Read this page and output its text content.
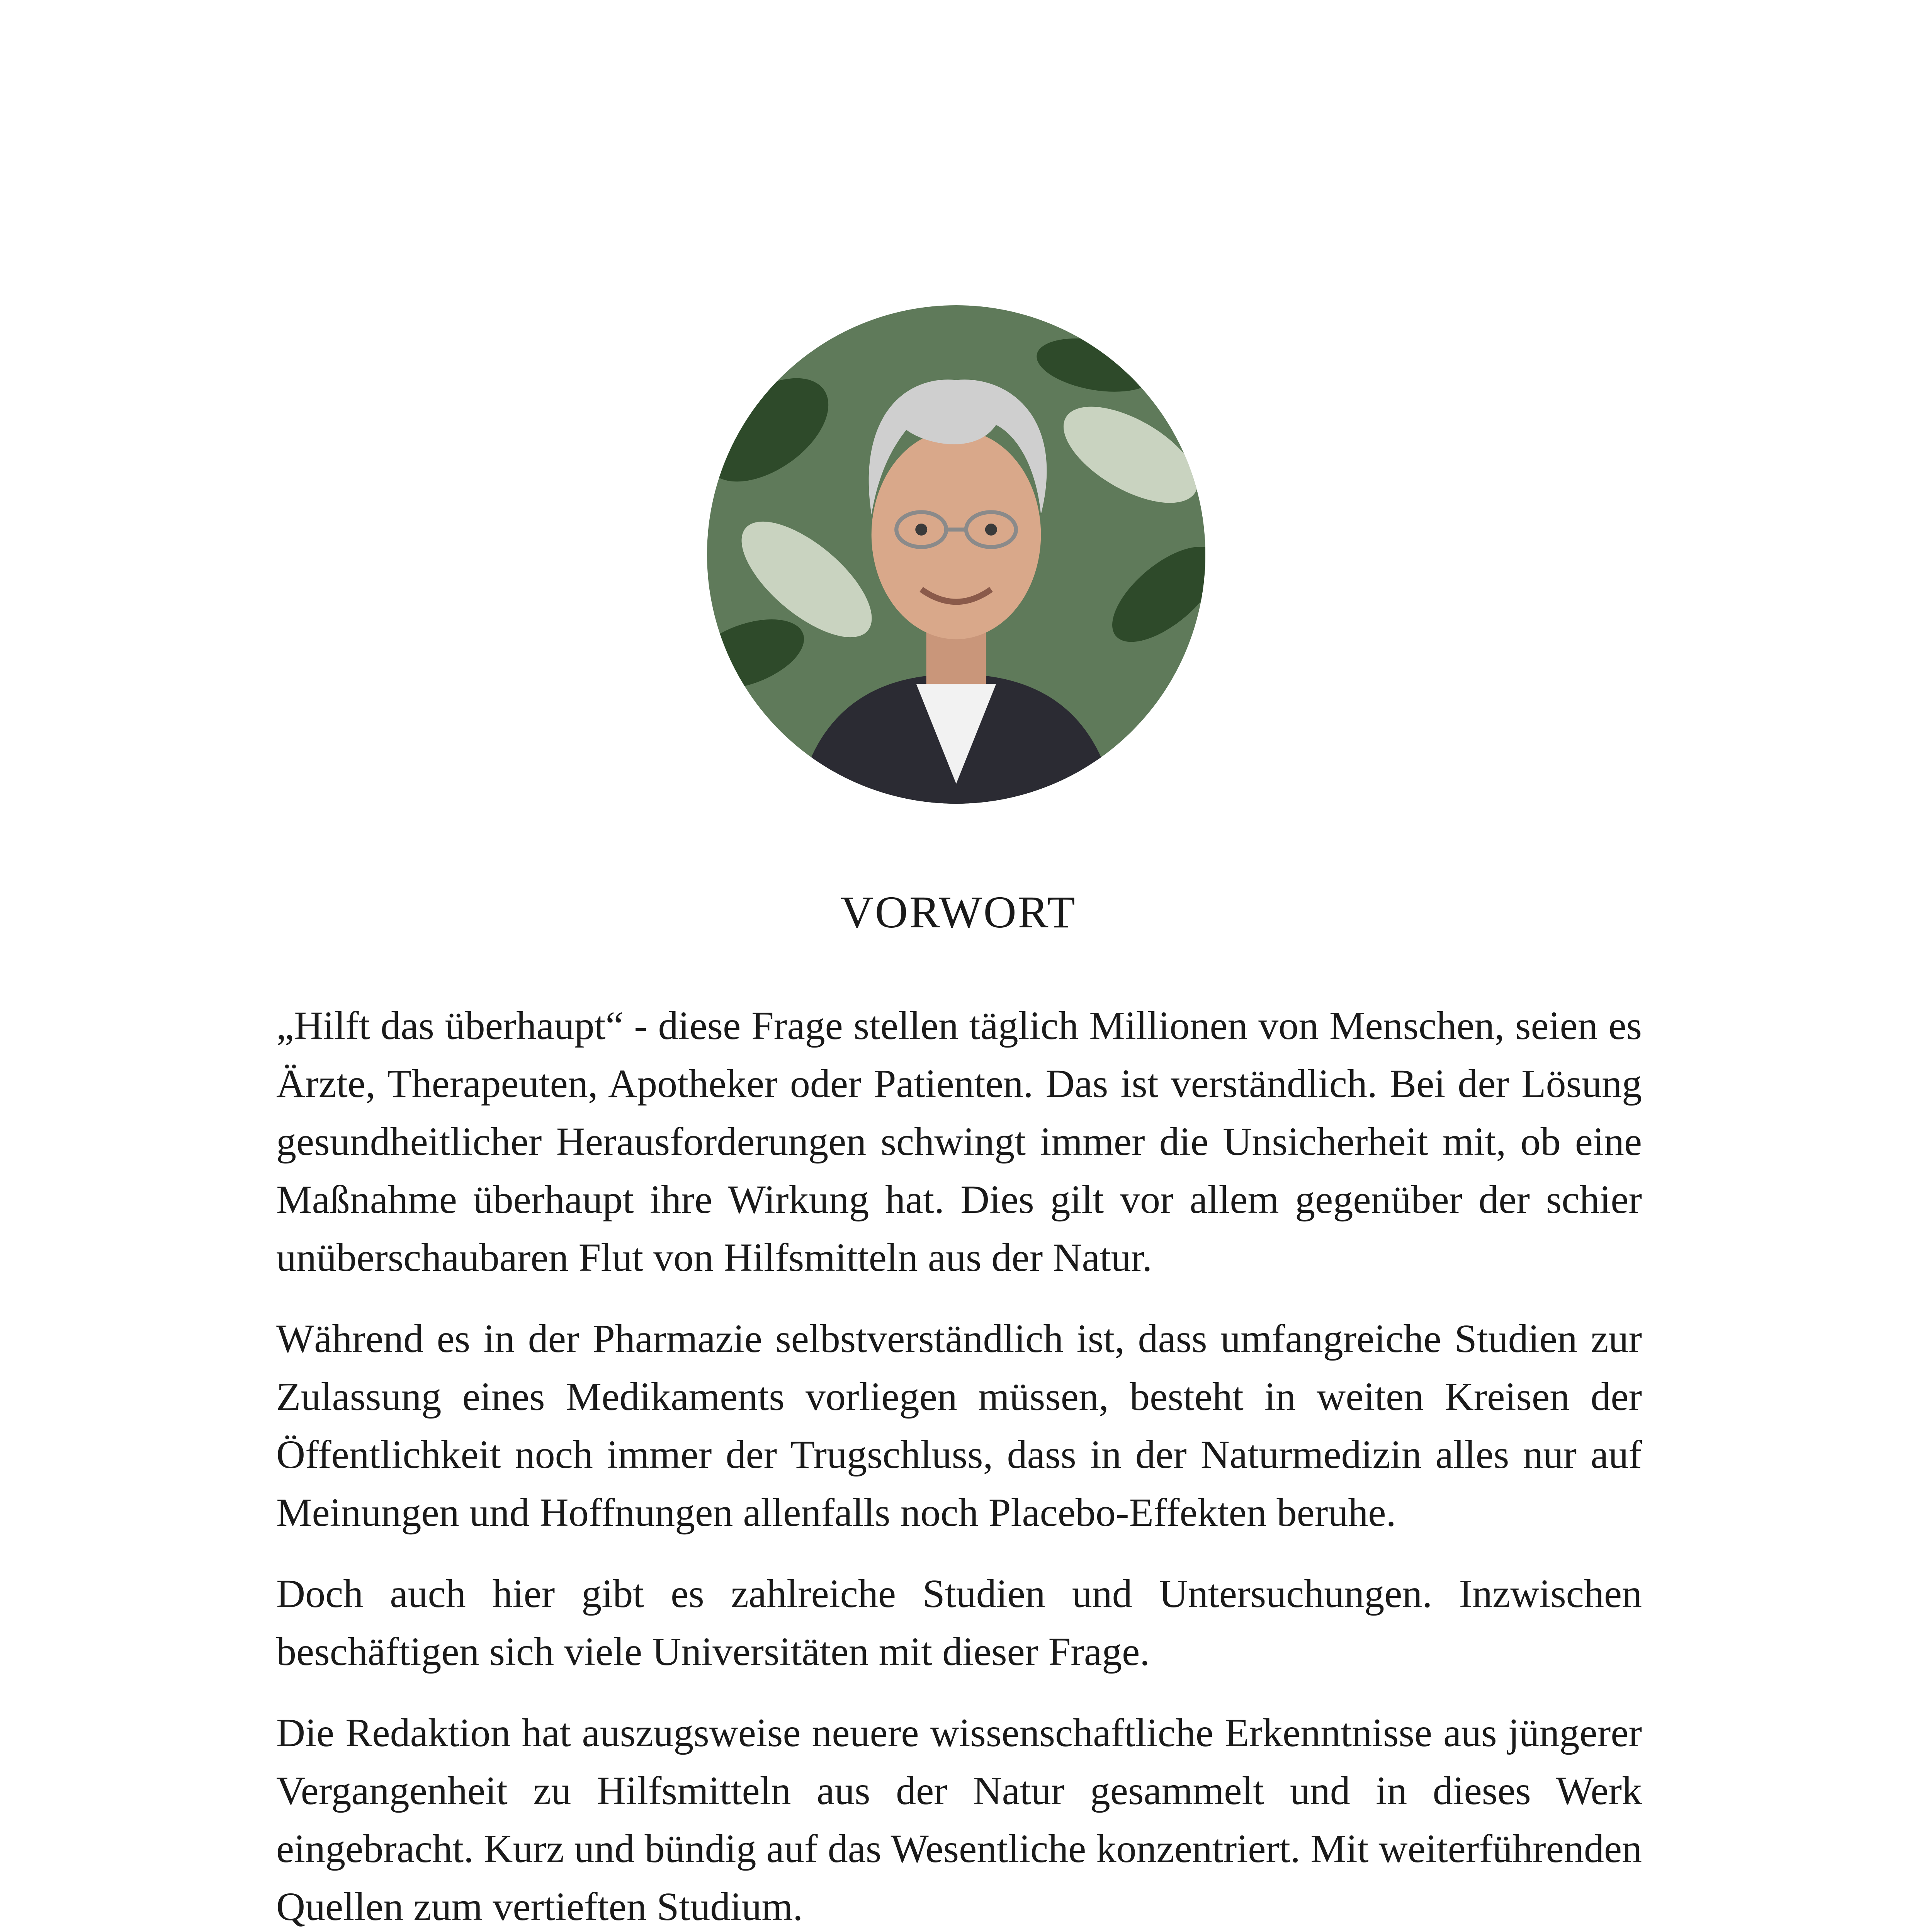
VORWORT

„Hilft das überhaupt“ - diese Frage stellen täglich Millionen von Menschen, seien es Ärzte, Therapeuten, Apotheker oder Patienten. Das ist verständlich. Bei der Lösung gesundheitlicher Herausforderungen schwingt immer die Unsicherheit mit, ob eine Maßnahme überhaupt ihre Wirkung hat. Dies gilt vor allem gegenüber der schier unüberschaubaren Flut von Hilfsmitteln aus der Natur.

Während es in der Pharmazie selbstverständlich ist, dass umfangreiche Studien zur Zulassung eines Medikaments vorliegen müssen, besteht in weiten Kreisen der Öffentlichkeit noch immer der Trugschluss, dass in der Naturmedizin alles nur auf Meinungen und Hoffnungen allenfalls noch Placebo-Effekten beruhe.

Doch auch hier gibt es zahlreiche Studien und Untersuchungen. Inzwischen beschäftigen sich viele Universitäten mit dieser Frage.

Die Redaktion hat auszugsweise neuere wissenschaftliche Erkenntnisse aus jüngerer Vergangenheit zu Hilfsmitteln aus der Natur gesammelt und in dieses Werk eingebracht. Kurz und bündig auf das Wesentliche konzentriert. Mit weiterführenden Quellen zum vertieften Studium.
